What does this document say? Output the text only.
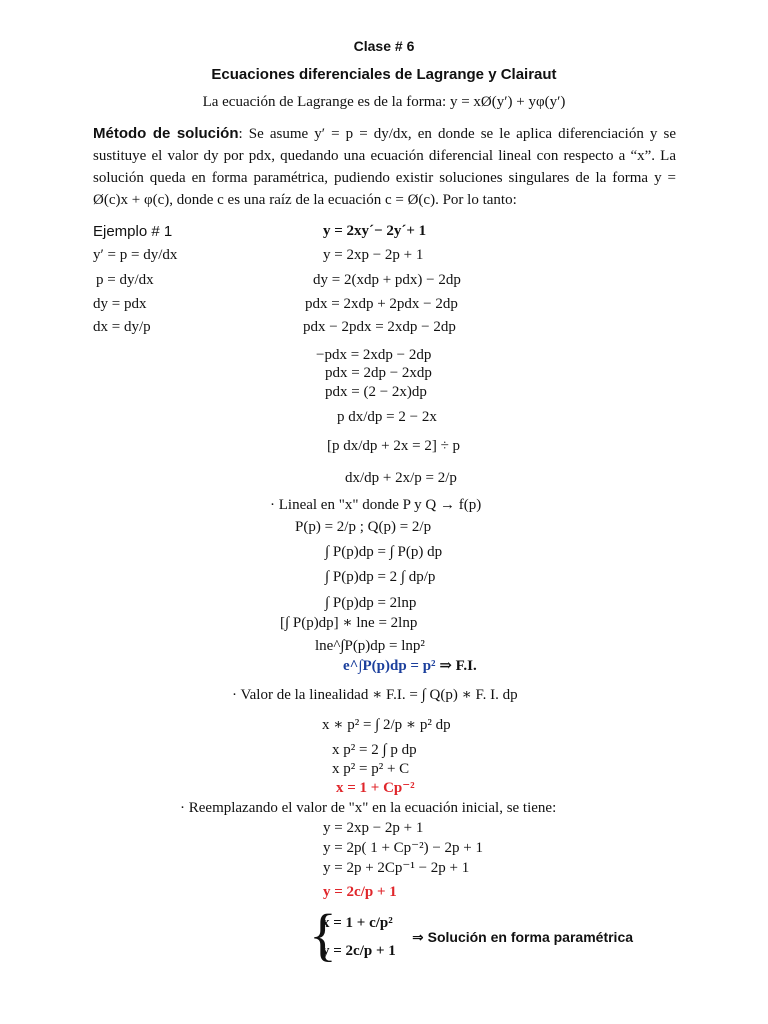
Clase # 6
Ecuaciones diferenciales de Lagrange y Clairaut
La ecuación de Lagrange es de la forma: y = xØ(y′) + yφ(y′)
Método de solución: Se asume y′ = p = dy/dx, en donde se le aplica diferenciación y se sustituye el valor dy por pdx, quedando una ecuación diferencial lineal con respecto a “x”. La solución queda en forma paramétrica, pudiendo existir soluciones singulares de la forma y = Ø(c)x + φ(c), donde c es una raíz de la ecuación c = Ø(c). Por lo tanto:
Ejemplo # 1	y = 2xy´− 2y´+ 1
y′ = p = dy/dx
p = dy/dx
dy = pdx
dx = dy/p
y = 2xp − 2p + 1
dy = 2(xdp + pdx) − 2dp
pdx = 2xdp + 2pdx − 2dp
pdx − 2pdx = 2xdp − 2dp
−pdx = 2xdp − 2dp
pdx = 2dp − 2xdp
pdx = (2 − 2x)dp
p dx/dp = 2 − 2x
[p dx/dp + 2x = 2] ÷ p
dx/dp + 2x/p = 2/p
· Lineal en "x" donde P y Q → f(p)
P(p) = 2/p ; Q(p) = 2/p
∫ P(p)dp = ∫ P(p) dp
∫ P(p)dp = 2 ∫ dp/p
∫ P(p)dp = 2lnp
[∫ P(p)dp] ∗ lne = 2lnp
lne^∫P(p)dp = lnp²
e^∫P(p)dp = p² ⇒ F.I.
· Valor de la linealidad ∗ F.I. = ∫ Q(p) ∗ F. I. dp
x ∗ p² = ∫ 2/p ∗ p² dp
x p² = 2 ∫ p dp
x p² = p² + C
x = 1 + Cp⁻²
· Reemplazando el valor de "x" en la ecuación inicial, se tiene:
y = 2xp − 2p + 1
y = 2p( 1 + Cp⁻²) − 2p + 1
y = 2p + 2Cp⁻¹ − 2p + 1
y = 2c/p + 1
{
x = 1 + c/p²
y = 2c/p + 1
⇒ Solución en forma paramétrica
